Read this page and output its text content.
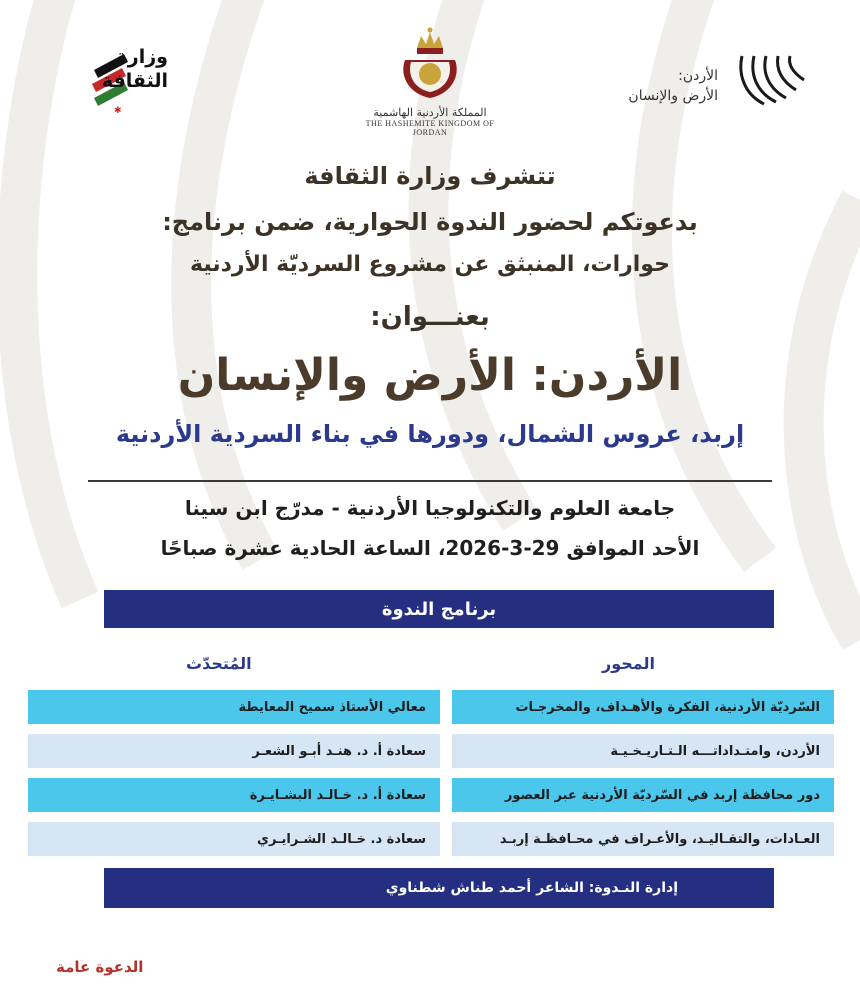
✱
وزارة
الثقافة
المملكة الأردنية الهاشمية
THE HASHEMITE KINGDOM OF JORDAN
الأردن:
الأرض والإنسان
تتشرف وزارة الثقافة
بدعوتكم لحضور الندوة الحوارية، ضمن برنامج:
حوارات، المنبثق عن مشروع السرديّة الأردنية
بعنـــوان:
الأردن: الأرض والإنسان
إربد، عروس الشمال، ودورها في بناء السردية الأردنية
جامعة العلوم والتكنولوجيا الأردنية - مدرّج ابن سينا
الأحد الموافق 29-3-2026، الساعة الحادية عشرة صباحًا
برنامج الندوة
المحور
المُتحدّث
السّرديّة الأردنية، الفكرة والأهـداف، والمخرجـات
معالي الأستاذ سميح المعايطة
الأردن، وامتـداداتـــه الـتـاريـخـيـة
سعادة أ. د. هنـد أبـو الشعـر
دور محافظة إربد في السّرديّة الأردنية عبر العصور
سعادة أ. د. خـالـد البشـايـرة
العـادات، والتقـاليـد، والأعـراف في محـافظـة إربـد
سعادة د. خـالـد الشـرايـري
إدارة النـدوة: الشاعر أحمد طناش شطناوي
الدعوة عامة
